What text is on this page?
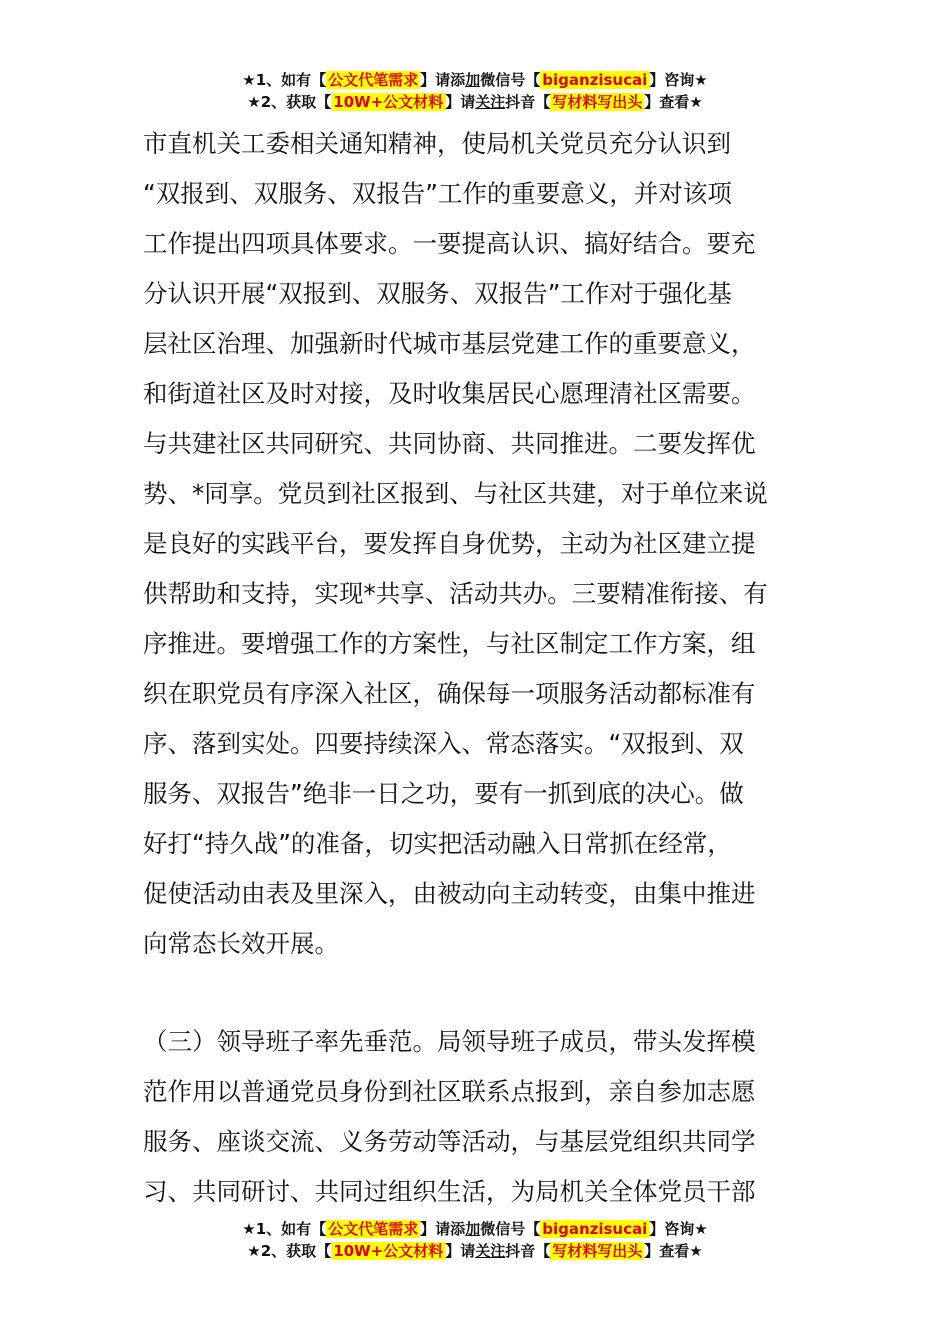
★1、如有【 公文代笔需求 】请添加微信号【 biganzisucai 】咨询★
★2、获取【 10W+公文材料 】请关注抖音【 写材料写出头 】查看★
市直机关工委相关通知精神，使局机关党员充分认识到
“双报到、双服务、双报告”工作的重要意义，并对该项
工作提出四项具体要求。一要提高认识、搞好结合。要充
分认识开展“双报到、双服务、双报告”工作对于强化基
层社区治理、加强新时代城市基层党建工作的重要意义，
和街道社区及时对接，及时收集居民心愿理清社区需要。
与共建社区共同研究、共同协商、共同推进。二要发挥优
势、*同享。党员到社区报到、与社区共建，对于单位来说
是良好的实践平台，要发挥自身优势，主动为社区建立提
供帮助和支持，实现*共享、活动共办。三要精准衔接、有
序推进。要增强工作的方案性，与社区制定工作方案，组
织在职党员有序深入社区，确保每一项服务活动都标准有
序、落到实处。四要持续深入、常态落实。“双报到、双
服务、双报告”绝非一日之功，要有一抓到底的决心。做
好打“持久战”的准备，切实把活动融入日常抓在经常，
促使活动由表及里深入，由被动向主动转变，由集中推进
向常态长效开展。
（三）领导班子率先垂范。局领导班子成员，带头发挥模
范作用以普通党员身份到社区联系点报到，亲自参加志愿
服务、座谈交流、义务劳动等活动，与基层党组织共同学
习、共同研讨、共同过组织生活，为局机关全体党员干部
★1、如有【 公文代笔需求 】请添加微信号【 biganzisucai 】咨询★
★2、获取【 10W+公文材料 】请关注抖音【 写材料写出头 】查看★
